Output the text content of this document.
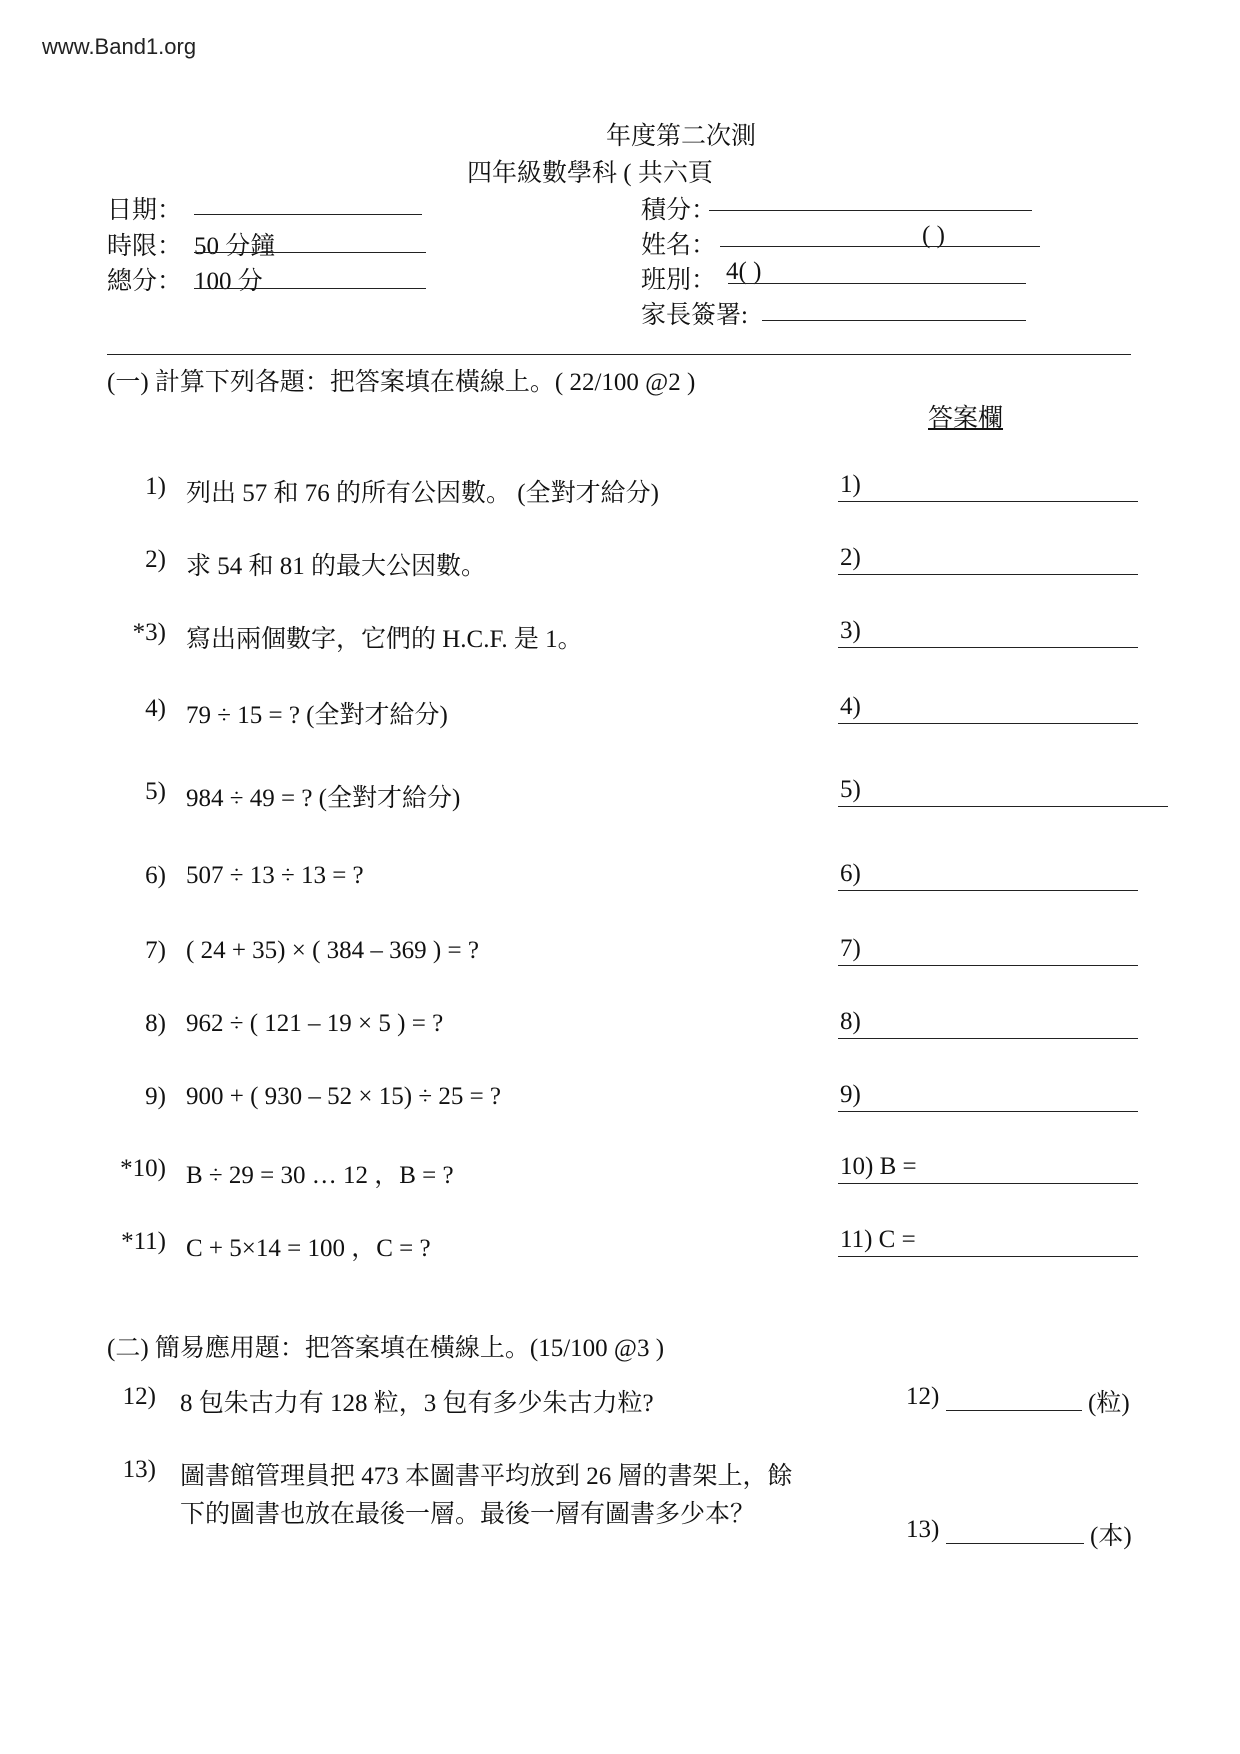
www.Band1.org
年度第二次測
四年級數學科 ( 共六頁
日期：
時限： 50 分鐘
總分： 100 分
積分：
姓名：	( )
班別： 4( )
家長簽署:
(一) 計算下列各題：把答案填在橫線上。( 22/100 @2 )
答案欄
1) 列出 57 和 76 的所有公因數。 (全對才給分)	1)
2) 求 54 和 81 的最大公因數。	2)
*3) 寫出兩個數字，它們的 H.C.F. 是 1。	3)
4) 79 ÷ 15 = ? (全對才給分)	4)
5) 984 ÷ 49 = ? (全對才給分)	5)
6) 507 ÷ 13 ÷ 13 = ?	6)
7) ( 24 + 35) × ( 384 – 369 ) = ?	7)
8) 962 ÷ ( 121 – 19 × 5 ) = ?	8)
9) 900 + ( 930 – 52 × 15) ÷ 25 = ?	9)
*10) B ÷ 29 = 30 … 12 ，B = ?	10) B =
*11) C + 5×14 = 100 ，C = ?	11) C =
(二) 簡易應用題：把答案填在橫線上。(15/100 @3 )
12) 8 包朱古力有 128 粒，3 包有多少朱古力粒?	12)	(粒)
13) 圖書館管理員把 473 本圖書平均放到 26 層的書架上，餘
下的圖書也放在最後一層。最後一層有圖書多少本？
13)	(本)
